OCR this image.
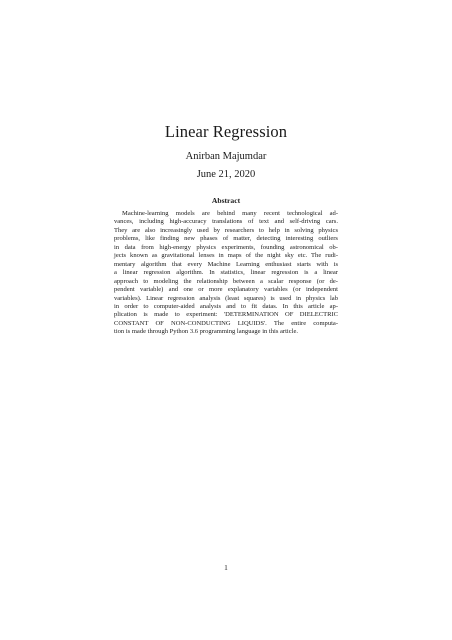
Linear Regression
Anirban Majumdar
June 21, 2020
Abstract
Machine-learning models are behind many recent technological ad-
vances, including high-accuracy translations of text and self-driving cars.
They are also increasingly used by researchers to help in solving physics
problems, like finding new phases of matter, detecting interesting outliers
in data from high-energy physics experiments, founding astronomical ob-
jects known as gravitational lenses in maps of the night sky etc. The rudi-
mentary algorithm that every Machine Learning enthusiast starts with is
a linear regression algorithm. In statistics, linear regression is a linear
approach to modeling the relationship between a scalar response (or de-
pendent variable) and one or more explanatory variables (or independent
variables). Linear regression analysis (least squares) is used in physics lab
in order to computer-aided analysis and to fit datas. In this article ap-
plication is made to experiment: 'DETERMINATION OF DIELECTRIC
CONSTANT OF NON-CONDUCTING LIQUIDS'. The entire computa-
tion is made through Python 3.6 programming language in this article.
1
